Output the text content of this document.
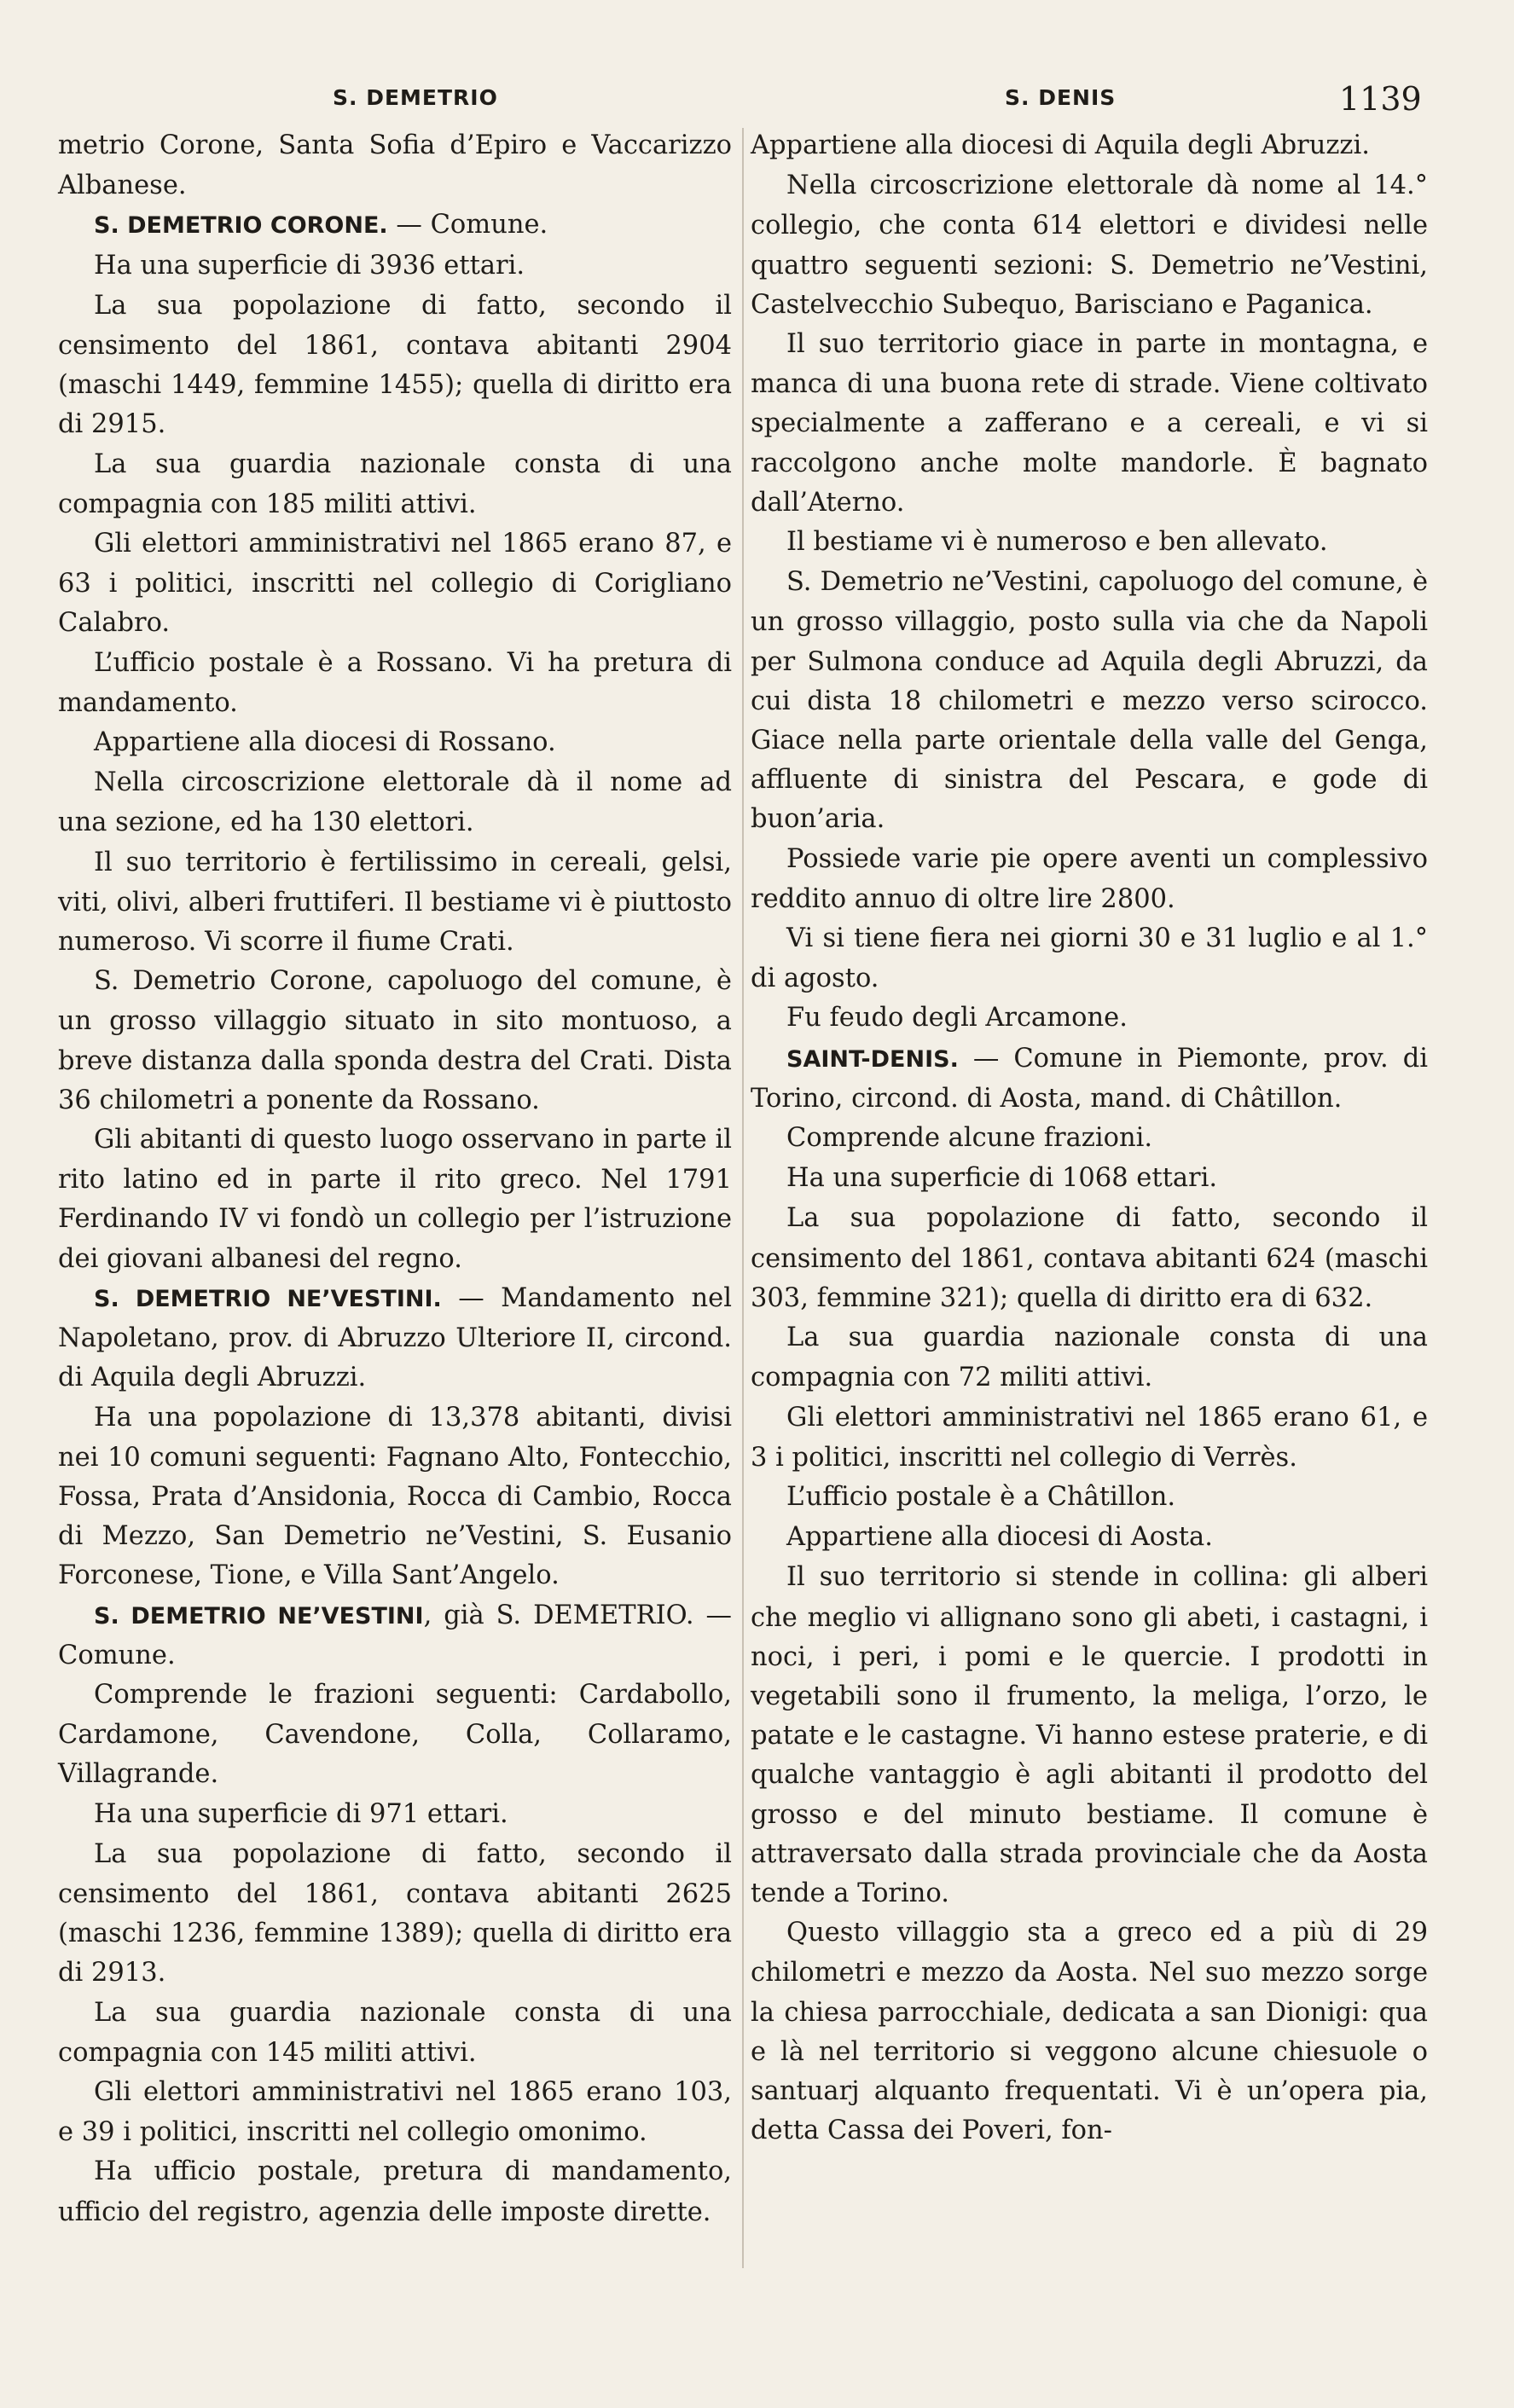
S. DEMETRIO	S. DENIS	1139

metrio Corone, Santa Sofia d’Epiro e Vaccarizzo Albanese.

S. DEMETRIO CORONE. — Comune.

Ha una superficie di 3936 ettari.

La sua popolazione di fatto, secondo il censimento del 1861, contava abitanti 2904 (maschi 1449, femmine 1455); quella di diritto era di 2915.

La sua guardia nazionale consta di una compagnia con 185 militi attivi.

Gli elettori amministrativi nel 1865 erano 87, e 63 i politici, inscritti nel collegio di Corigliano Calabro.

L’ufficio postale è a Rossano. Vi ha pretura di mandamento.

Appartiene alla diocesi di Rossano.

Nella circoscrizione elettorale dà il nome ad una sezione, ed ha 130 elettori.

Il suo territorio è fertilissimo in cereali, gelsi, viti, olivi, alberi fruttiferi. Il bestiame vi è piuttosto numeroso. Vi scorre il fiume Crati.

S. Demetrio Corone, capoluogo del comune, è un grosso villaggio situato in sito montuoso, a breve distanza dalla sponda destra del Crati. Dista 36 chilometri a ponente da Rossano.

Gli abitanti di questo luogo osservano in parte il rito latino ed in parte il rito greco. Nel 1791 Ferdinando IV vi fondò un collegio per l’istruzione dei giovani albanesi del regno.

S. DEMETRIO NE’VESTINI. — Mandamento nel Napoletano, prov. di Abruzzo Ulteriore II, circond. di Aquila degli Abruzzi.

Ha una popolazione di 13,378 abitanti, divisi nei 10 comuni seguenti: Fagnano Alto, Fontecchio, Fossa, Prata d’Ansidonia, Rocca di Cambio, Rocca di Mezzo, San Demetrio ne’Vestini, S. Eusanio Forconese, Tione, e Villa Sant’Angelo.

S. DEMETRIO NE’VESTINI, già S. DEMETRIO. — Comune.

Comprende le frazioni seguenti: Cardabollo, Cardamone, Cavendone, Colla, Collaramo, Villagrande.

Ha una superficie di 971 ettari.

La sua popolazione di fatto, secondo il censimento del 1861, contava abitanti 2625 (maschi 1236, femmine 1389); quella di diritto era di 2913.

La sua guardia nazionale consta di una compagnia con 145 militi attivi.

Gli elettori amministrativi nel 1865 erano 103, e 39 i politici, inscritti nel collegio omonimo.

Ha ufficio postale, pretura di mandamento, ufficio del registro, agenzia delle imposte dirette.

Appartiene alla diocesi di Aquila degli Abruzzi.

Nella circoscrizione elettorale dà nome al 14.° collegio, che conta 614 elettori e dividesi nelle quattro seguenti sezioni: S. Demetrio ne’Vestini, Castelvecchio Subequo, Barisciano e Paganica.

Il suo territorio giace in parte in montagna, e manca di una buona rete di strade. Viene coltivato specialmente a zafferano e a cereali, e vi si raccolgono anche molte mandorle. È bagnato dall’Aterno.

Il bestiame vi è numeroso e ben allevato.

S. Demetrio ne’Vestini, capoluogo del comune, è un grosso villaggio, posto sulla via che da Napoli per Sulmona conduce ad Aquila degli Abruzzi, da cui dista 18 chilometri e mezzo verso scirocco. Giace nella parte orientale della valle del Genga, affluente di sinistra del Pescara, e gode di buon’aria.

Possiede varie pie opere aventi un complessivo reddito annuo di oltre lire 2800.

Vi si tiene fiera nei giorni 30 e 31 luglio e al 1.° di agosto.

Fu feudo degli Arcamone.

SAINT-DENIS. — Comune in Piemonte, prov. di Torino, circond. di Aosta, mand. di Châtillon.

Comprende alcune frazioni.

Ha una superficie di 1068 ettari.

La sua popolazione di fatto, secondo il censimento del 1861, contava abitanti 624 (maschi 303, femmine 321); quella di diritto era di 632.

La sua guardia nazionale consta di una compagnia con 72 militi attivi.

Gli elettori amministrativi nel 1865 erano 61, e 3 i politici, inscritti nel collegio di Verrès.

L’ufficio postale è a Châtillon.

Appartiene alla diocesi di Aosta.

Il suo territorio si stende in collina: gli alberi che meglio vi allignano sono gli abeti, i castagni, i noci, i peri, i pomi e le quercie. I prodotti in vegetabili sono il frumento, la meliga, l’orzo, le patate e le castagne. Vi hanno estese praterie, e di qualche vantaggio è agli abitanti il prodotto del grosso e del minuto bestiame. Il comune è attraversato dalla strada provinciale che da Aosta tende a Torino.

Questo villaggio sta a greco ed a più di 29 chilometri e mezzo da Aosta. Nel suo mezzo sorge la chiesa parrocchiale, dedicata a san Dionigi: qua e là nel territorio si veggono alcune chiesuole o santuarj alquanto frequentati. Vi è un’opera pia, detta Cassa dei Poveri, fon-
